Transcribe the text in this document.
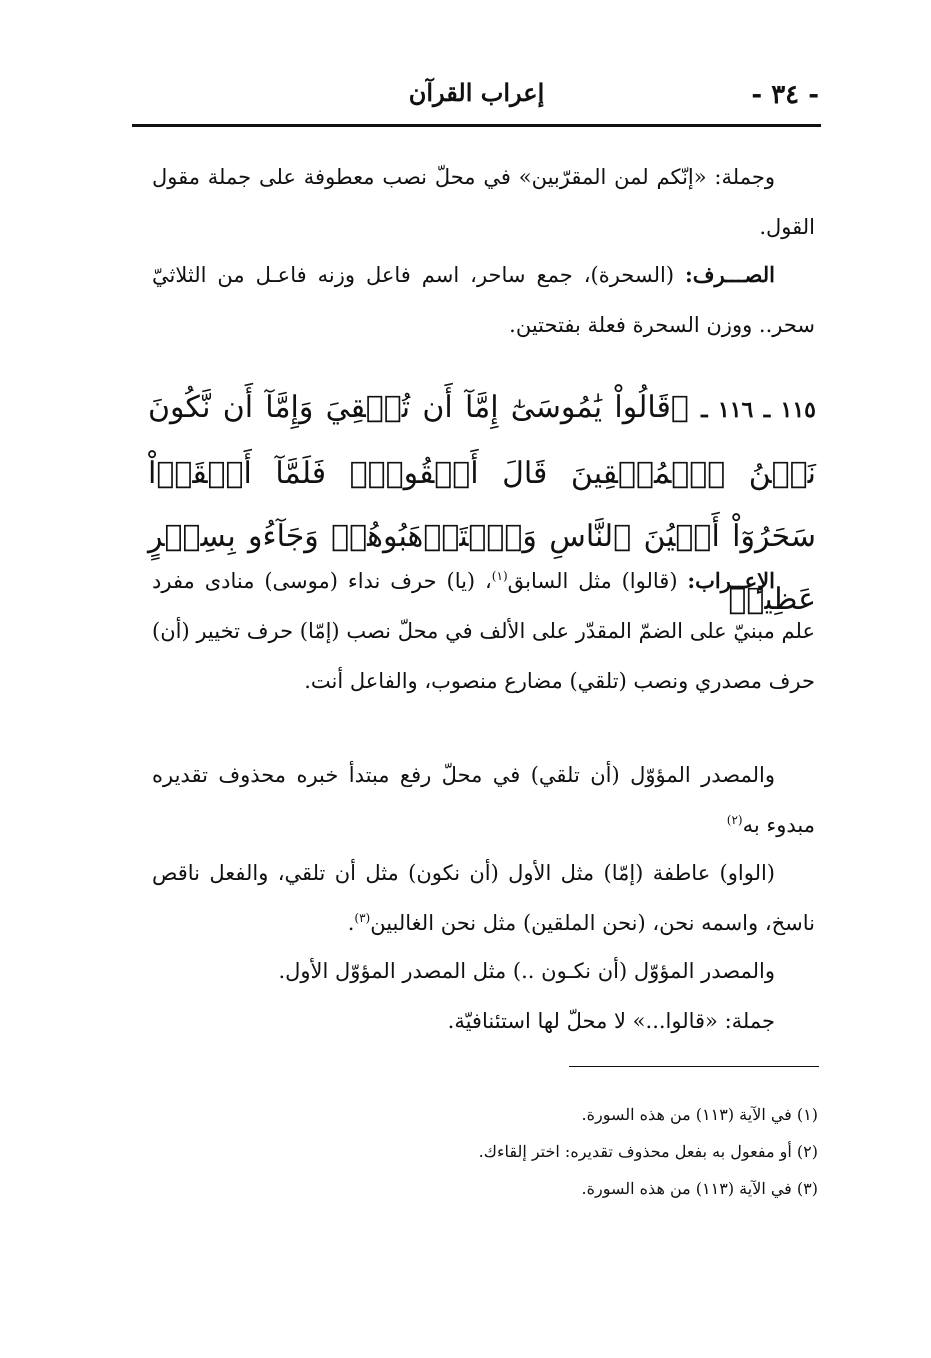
- ٣٤ -
إعراب القرآن

وجملة: «إنّكم لمن المقرّبين» في محلّ نصب معطوفة على جملة مقول القول.

الصـــرف: (السحرة)، جمع ساحر، اسم فاعل وزنه فاعـل من الثلاثيّ سحر.. ووزن السحرة فعلة بفتحتين.

١١٥ ـ ١١٦ ـ ﴿قَالُواْ يَٰمُوسَىٰٓ إِمَّآ أَن تُلۡقِيَ وَإِمَّآ أَن نَّكُونَ نَحۡنُ ٱلۡمُلۡقِينَ قَالَ أَلۡقُواْۖ فَلَمَّآ أَلۡقَوۡاْ سَحَرُوٓاْ أَعۡيُنَ ٱلنَّاسِ وَٱسۡتَرۡهَبُوهُمۡ وَجَآءُو بِسِحۡرٍ عَظِيمٖ

الإعــراب: (قالوا) مثل السابق$^{(١)}$، (يا) حرف نداء (موسى) منادى مفرد علم مبنيّ على الضمّ المقدّر على الألف في محلّ نصب (إمّا) حرف تخيير (أن) حرف مصدري ونصب (تلقي) مضارع منصوب، والفاعل أنت.

والمصدر المؤوّل (أن تلقي) في محلّ رفع مبتدأ خبره محذوف تقديره مبدوء به$^{(٢)}$

(الواو) عاطفة (إمّا) مثل الأول (أن نكون) مثل أن تلقي، والفعل ناقص ناسخ، واسمه نحن، (نحن الملقين) مثل نحن الغالبين$^{(٣)}$.

والمصدر المؤوّل (أن نكـون ..) مثل المصدر المؤوّل الأول.

جملة: «قالوا...» لا محلّ لها استئنافيّة.

(١) في الآية (١١٣) من هذه السورة.

(٢) أو مفعول به بفعل محذوف تقديره: اختر إلقاءك.

(٣) في الآية (١١٣) من هذه السورة.
